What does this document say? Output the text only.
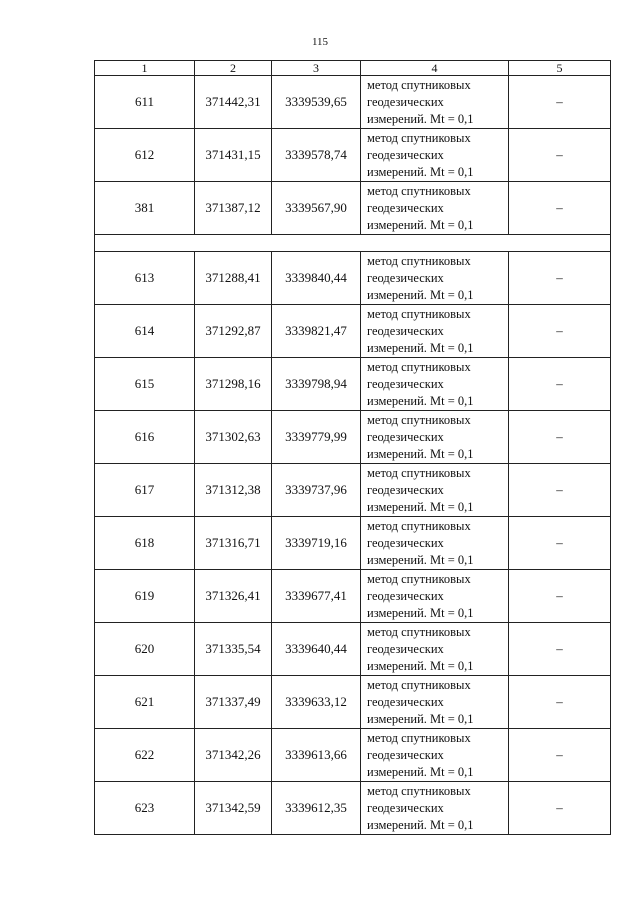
115
1	2	3	4	5
611	371442,31	3339539,65	метод спутниковых
геодезических
измерений. Mt = 0,1	–
612	371431,15	3339578,74	метод спутниковых
геодезических
измерений. Mt = 0,1	–
381	371387,12	3339567,90	метод спутниковых
геодезических
измерений. Mt = 0,1	–

613	371288,41	3339840,44	метод спутниковых
геодезических
измерений. Mt = 0,1	–
614	371292,87	3339821,47	метод спутниковых
геодезических
измерений. Mt = 0,1	–
615	371298,16	3339798,94	метод спутниковых
геодезических
измерений. Mt = 0,1	–
616	371302,63	3339779,99	метод спутниковых
геодезических
измерений. Mt = 0,1	–
617	371312,38	3339737,96	метод спутниковых
геодезических
измерений. Mt = 0,1	–
618	371316,71	3339719,16	метод спутниковых
геодезических
измерений. Mt = 0,1	–
619	371326,41	3339677,41	метод спутниковых
геодезических
измерений. Mt = 0,1	–
620	371335,54	3339640,44	метод спутниковых
геодезических
измерений. Mt = 0,1	–
621	371337,49	3339633,12	метод спутниковых
геодезических
измерений. Mt = 0,1	–
622	371342,26	3339613,66	метод спутниковых
геодезических
измерений. Mt = 0,1	–
623	371342,59	3339612,35	метод спутниковых
геодезических
измерений. Mt = 0,1	–
